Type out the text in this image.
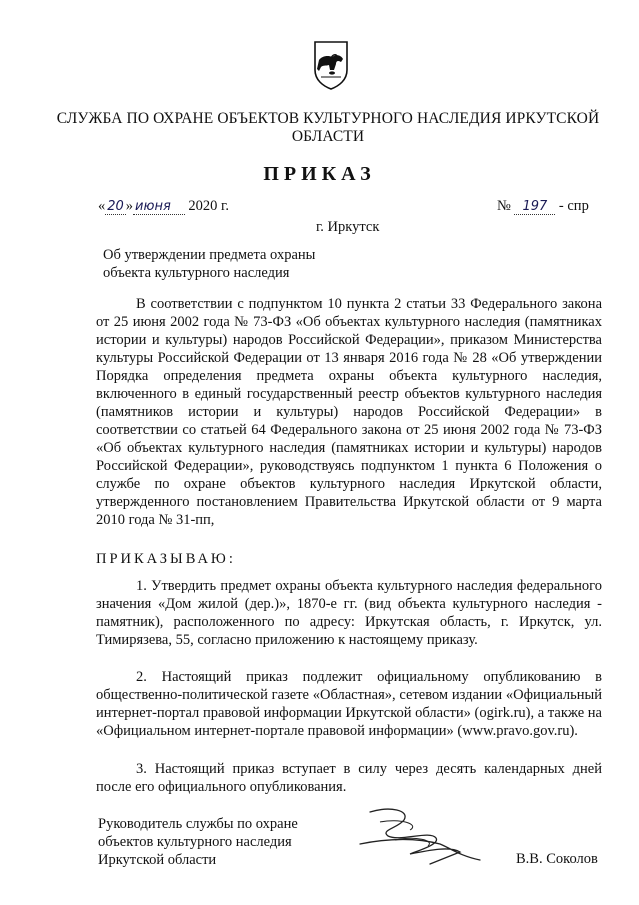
СЛУЖБА ПО ОХРАНЕ ОБЪЕКТОВ КУЛЬТУРНОГО НАСЛЕДИЯ ИРКУТСКОЙ ОБЛАСТИ
ПРИКАЗ
« 20 » июня 2020 г.	№ 197 - спр
г. Иркутск
Об утверждении предмета охраны объекта культурного наследия

В соответствии с подпунктом 10 пункта 2 статьи 33 Федерального закона от 25 июня 2002 года № 73-ФЗ «Об объектах культурного наследия (памятниках истории и культуры) народов Российской Федерации», приказом Министерства культуры Российской Федерации от 13 января 2016 года № 28 «Об утверждении Порядка определения предмета охраны объекта культурного наследия, включенного в единый государственный реестр объектов культурного наследия (памятников истории и культуры) народов Российской Федерации» в соответствии со статьей 64 Федерального закона от 25 июня 2002 года № 73-ФЗ «Об объектах культурного наследия (памятниках истории и культуры) народов Российской Федерации», руководствуясь подпунктом 1 пункта 6 Положения о службе по охране объектов культурного наследия Иркутской области, утвержденного постановлением Правительства Иркутской области от 9 марта 2010 года № 31-пп,

ПРИКАЗЫВАЮ:

1. Утвердить предмет охраны объекта культурного наследия федерального значения «Дом жилой (дер.)», 1870-е гг. (вид объекта культурного наследия - памятник), расположенного по адресу: Иркутская область, г. Иркутск, ул. Тимирязева, 55, согласно приложению к настоящему приказу.

2. Настоящий приказ подлежит официальному опубликованию в общественно-политической газете «Областная», сетевом издании «Официальный интернет-портал правовой информации Иркутской области» (ogirk.ru), а также на «Официальном интернет-портале правовой информации» (www.pravo.gov.ru).

3. Настоящий приказ вступает в силу через десять календарных дней после его официального опубликования.

Руководитель службы по охране
объектов культурного наследия
Иркутской области	В.В. Соколов
